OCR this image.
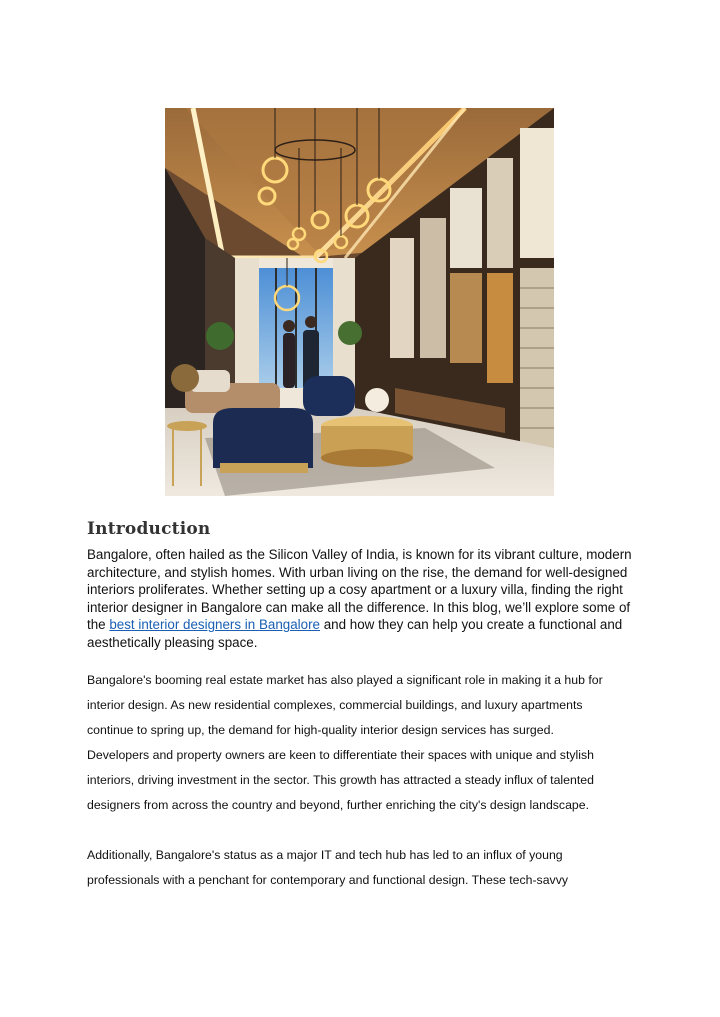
Introduction

Bangalore, often hailed as the Silicon Valley of India, is known for its vibrant culture, modern architecture, and stylish homes. With urban living on the rise, the demand for well-designed interiors proliferates. Whether setting up a cosy apartment or a luxury villa, finding the right interior designer in Bangalore can make all the difference. In this blog, we’ll explore some of the best interior designers in Bangalore and how they can help you create a functional and aesthetically pleasing space.

Bangalore's booming real estate market has also played a significant role in making it a hub for
interior design. As new residential complexes, commercial buildings, and luxury apartments
continue to spring up, the demand for high-quality interior design services has surged.
Developers and property owners are keen to differentiate their spaces with unique and stylish
interiors, driving investment in the sector. This growth has attracted a steady influx of talented
designers from across the country and beyond, further enriching the city's design landscape.

Additionally, Bangalore's status as a major IT and tech hub has led to an influx of young
professionals with a penchant for contemporary and functional design. These tech-savvy
